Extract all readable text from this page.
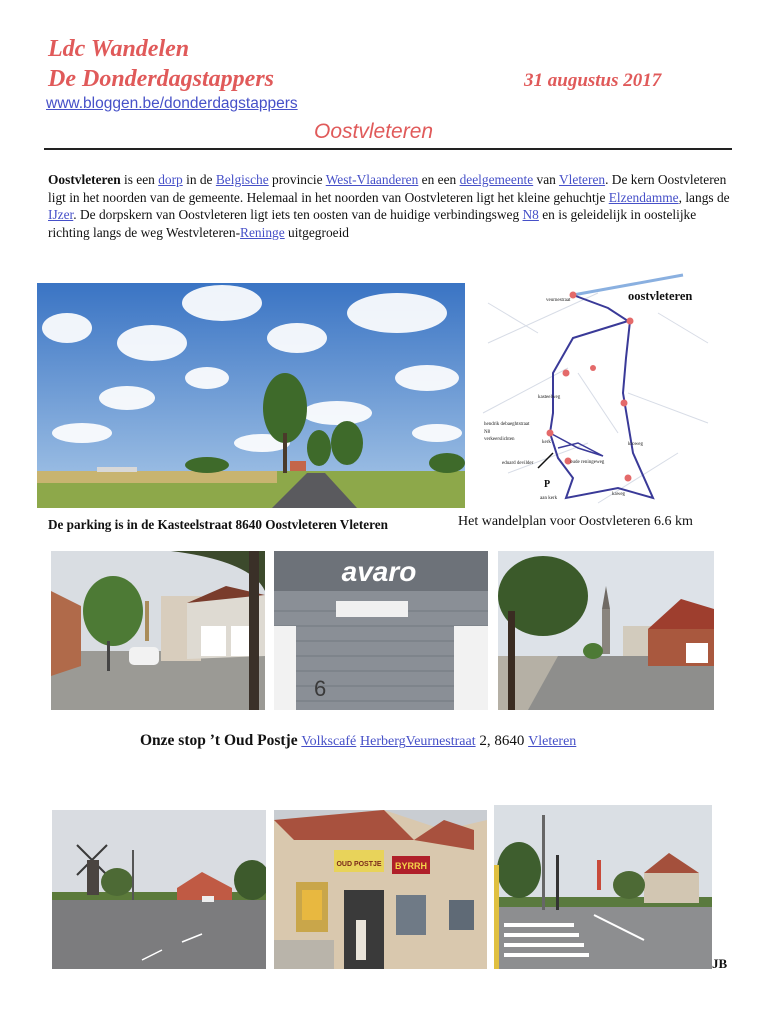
Ldc Wandelen
De Donderdagstappers
www.bloggen.be/donderdagstappers
31 augustus 2017
Oostvleteren
Oostvleteren is een dorp in de Belgische provincie West-Vlaanderen en een deelgemeente van Vleteren. De kern Oostvleteren ligt in het noorden van de gemeente. Helemaal in het noorden van Oostvleteren ligt het kleine gehuchtje Elzendamme, langs de IJzer. De dorpskern van Oostvleteren ligt iets ten oosten van de huidige verbindingsweg N8 en is geleidelijk in oostelijke richting langs de weg Westvleteren-Reninge uitgegroeid
oostvleteren
veurnestraat
kasteelweg
hendrik debaeghtstraat
N8
verkeerslichten
kerk
eduard devilder	oude reningeweg
kroweg
kaweg
aan kerk
P
De parking is in de Kasteelstraat 8640 Oostvleteren Vleteren	Het wandelplan voor Oostvleteren 6.6 km
avaro
6
Onze stop ’t Oud Postje Volkscafé HerbergVeurnestraat 2, 8640 Vleteren
OUD POSTJE BYRRH
JB
